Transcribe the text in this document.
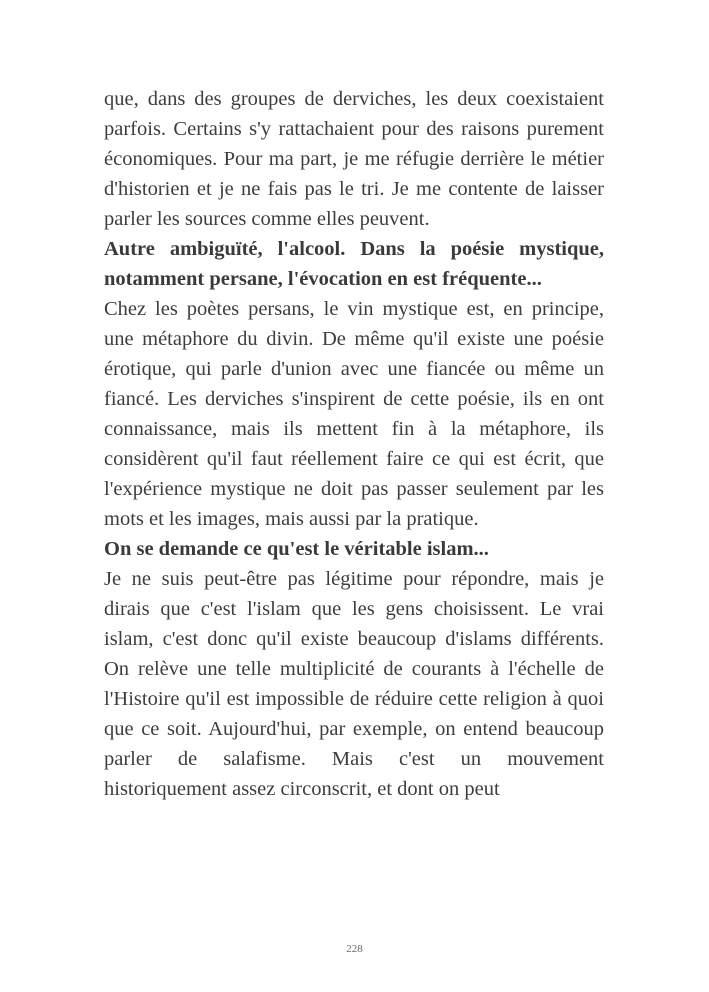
que, dans des groupes de derviches, les deux coexistaient parfois. Certains s'y rattachaient pour des raisons purement économiques. Pour ma part, je me réfugie derrière le métier d'historien et je ne fais pas le tri. Je me contente de laisser parler les sources comme elles peuvent.

Autre ambiguïté, l'alcool. Dans la poésie mystique, notamment persane, l'évocation en est fréquente...

Chez les poètes persans, le vin mystique est, en principe, une métaphore du divin. De même qu'il existe une poésie érotique, qui parle d'union avec une fiancée ou même un fiancé. Les derviches s'inspirent de cette poésie, ils en ont connaissance, mais ils mettent fin à la métaphore, ils considèrent qu'il faut réellement faire ce qui est écrit, que l'expérience mystique ne doit pas passer seulement par les mots et les images, mais aussi par la pratique.

On se demande ce qu'est le véritable islam...

Je ne suis peut-être pas légitime pour répondre, mais je dirais que c'est l'islam que les gens choisissent. Le vrai islam, c'est donc qu'il existe beaucoup d'islams différents. On relève une telle multiplicité de courants à l'échelle de l'Histoire qu'il est impossible de réduire cette religion à quoi que ce soit. Aujourd'hui, par exemple, on entend beaucoup parler de salafisme. Mais c'est un mouvement historiquement assez circonscrit, et dont on peut

228
